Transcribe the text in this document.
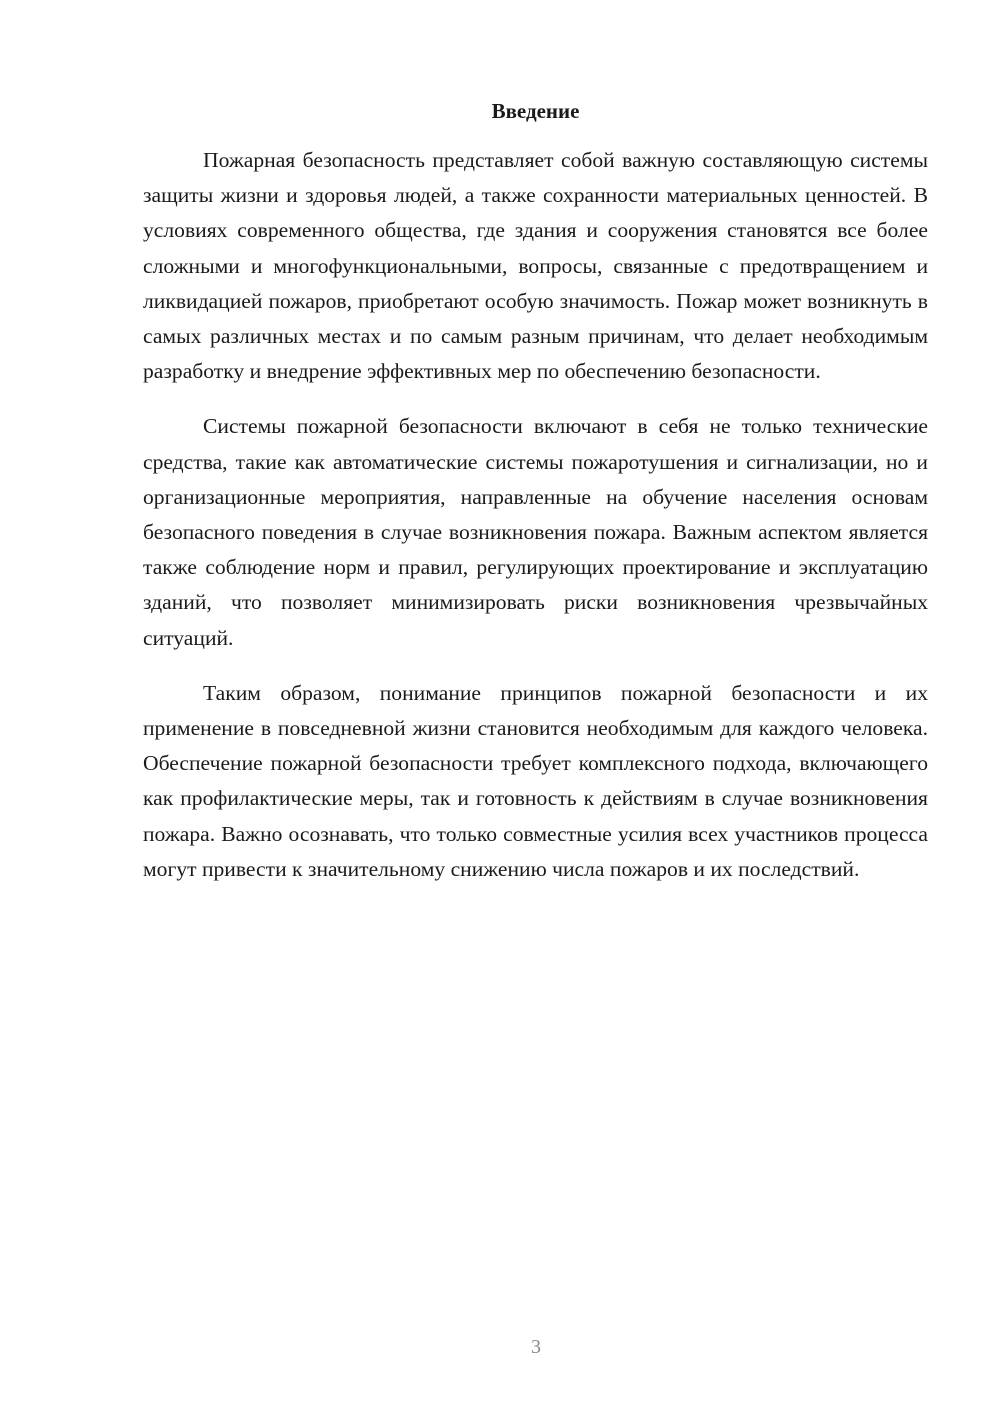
Введение

Пожарная безопасность представляет собой важную составляющую системы защиты жизни и здоровья людей, а также сохранности материальных ценностей. В условиях современного общества, где здания и сооружения становятся все более сложными и многофункциональными, вопросы, связанные с предотвращением и ликвидацией пожаров, приобретают особую значимость. Пожар может возникнуть в самых различных местах и по самым разным причинам, что делает необходимым разработку и внедрение эффективных мер по обеспечению безопасности.

Системы пожарной безопасности включают в себя не только технические средства, такие как автоматические системы пожаротушения и сигнализации, но и организационные мероприятия, направленные на обучение населения основам безопасного поведения в случае возникновения пожара. Важным аспектом является также соблюдение норм и правил, регулирующих проектирование и эксплуатацию зданий, что позволяет минимизировать риски возникновения чрезвычайных ситуаций.

Таким образом, понимание принципов пожарной безопасности и их применение в повседневной жизни становится необходимым для каждого человека. Обеспечение пожарной безопасности требует комплексного подхода, включающего как профилактические меры, так и готовность к действиям в случае возникновения пожара. Важно осознавать, что только совместные усилия всех участников процесса могут привести к значительному снижению числа пожаров и их последствий.

3
